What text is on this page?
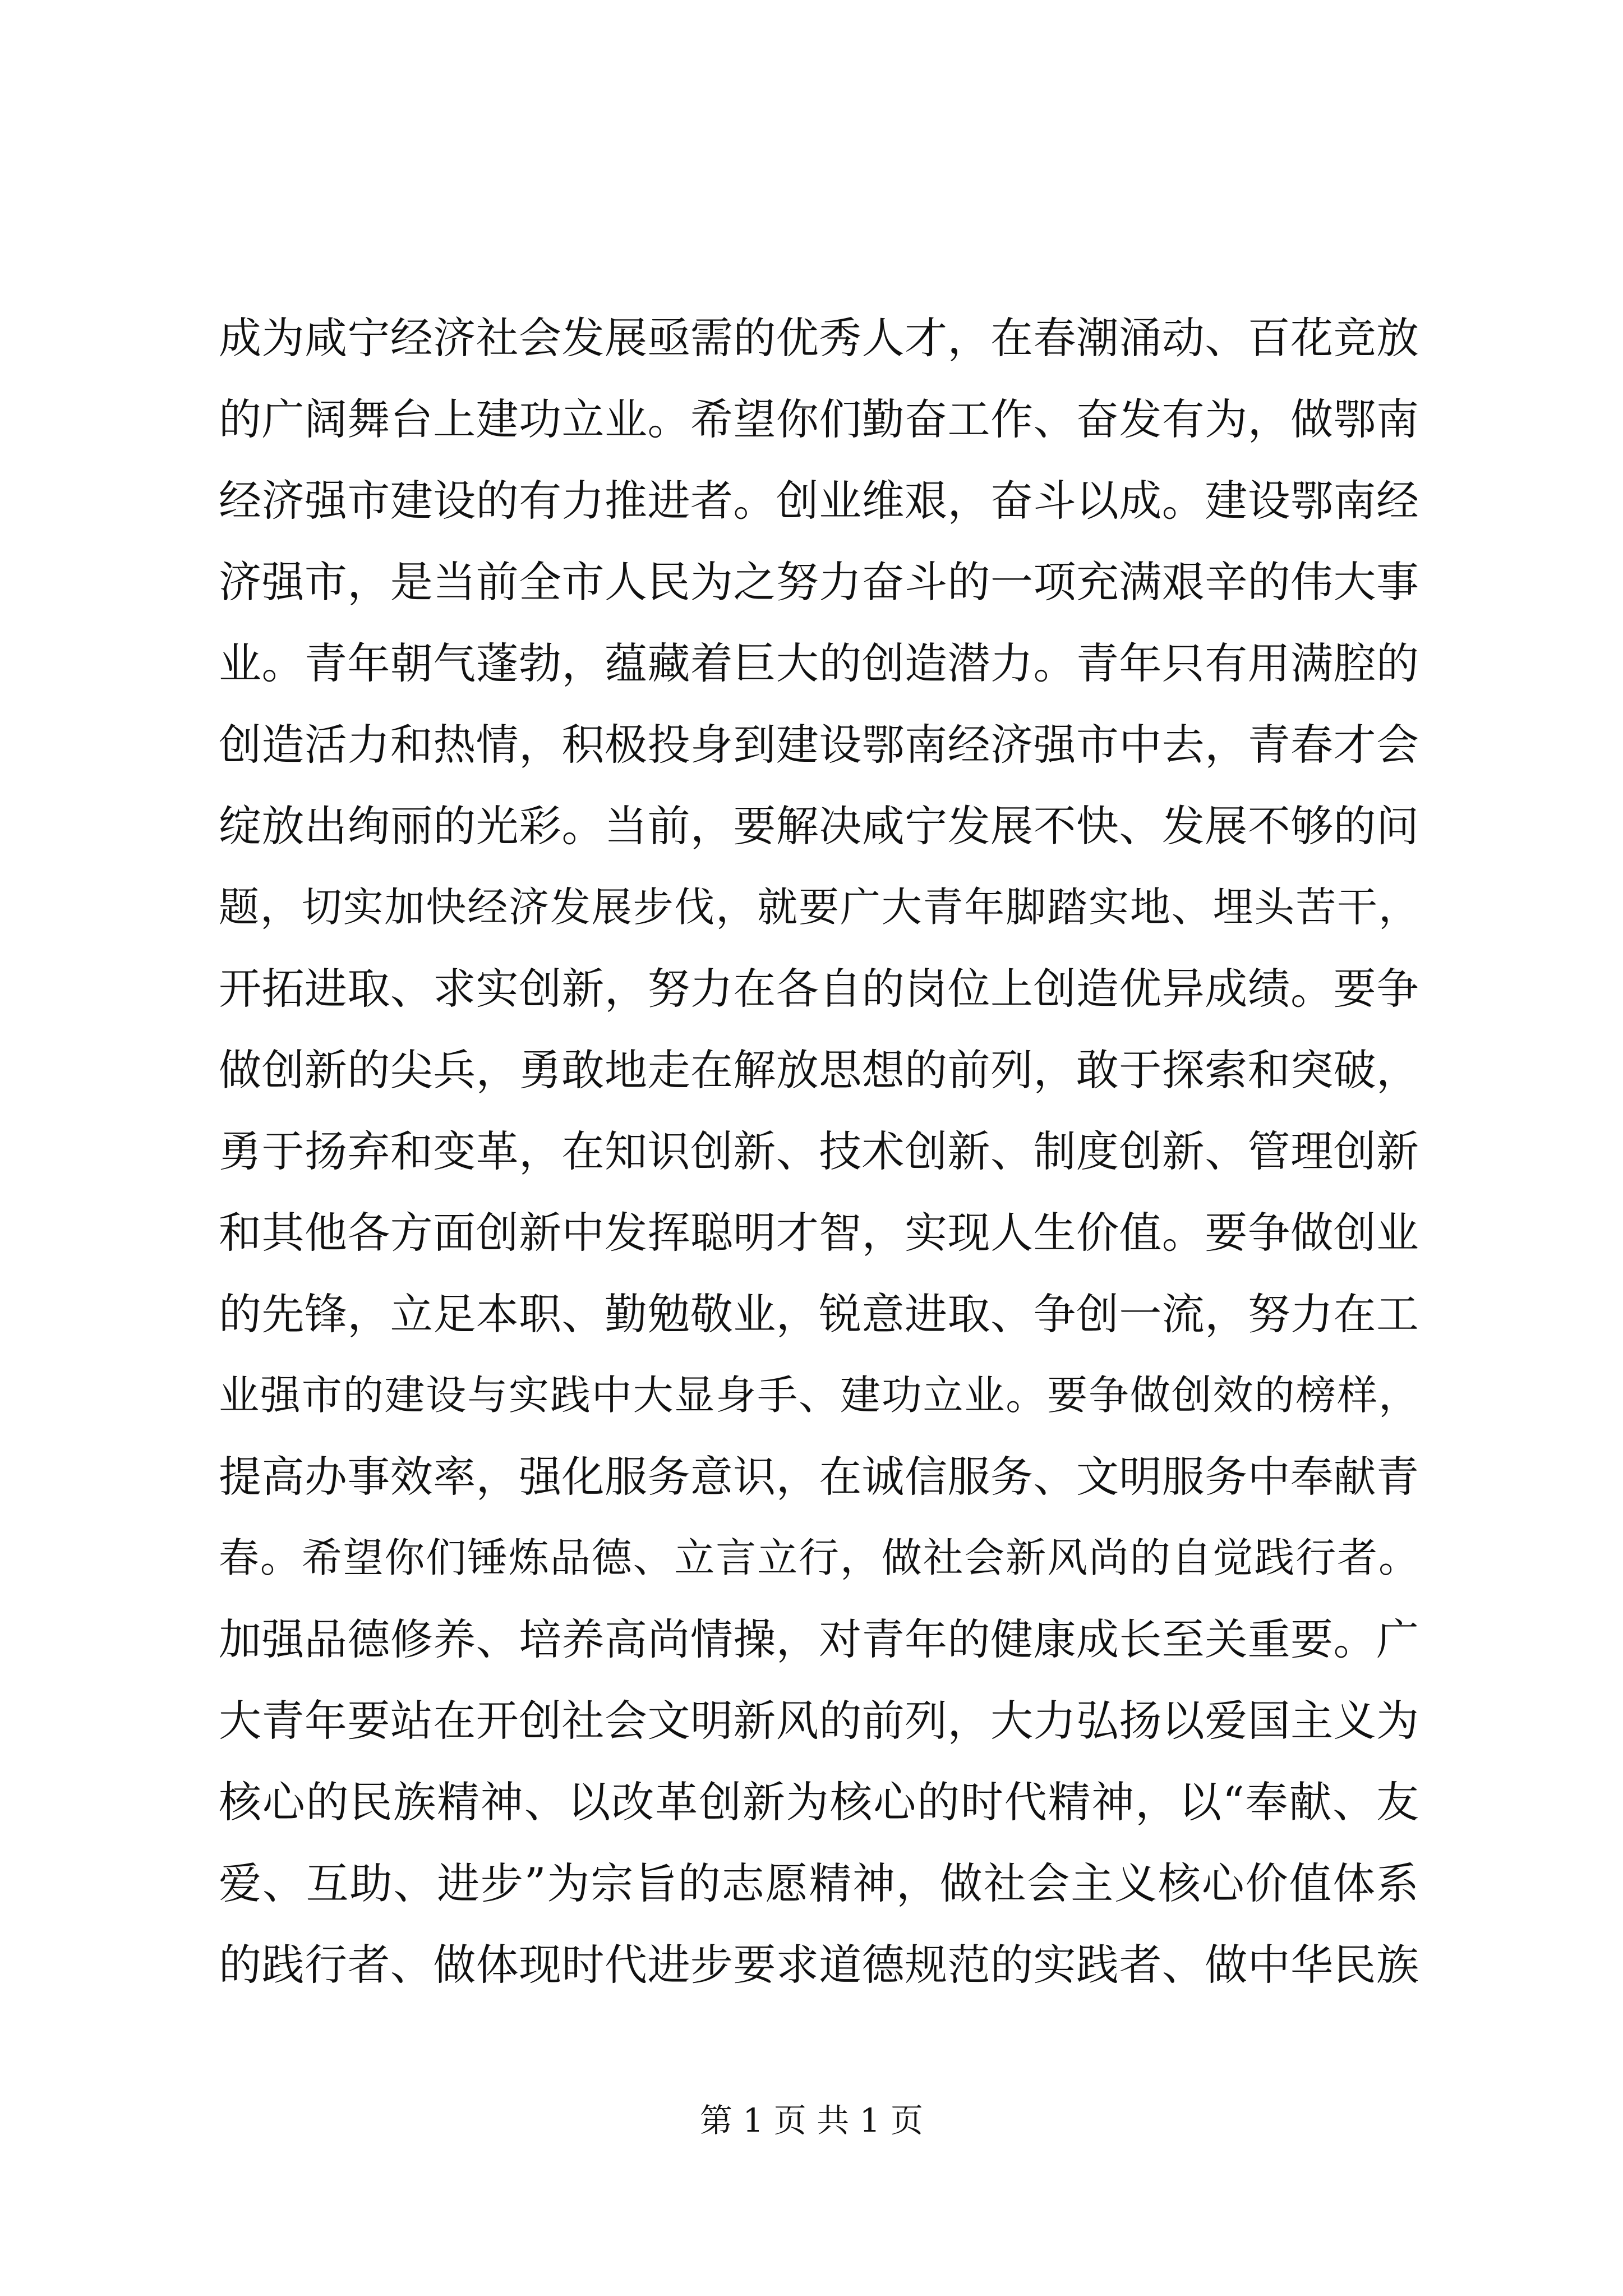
成为咸宁经济社会发展亟需的优秀人才，在春潮涌动、百花竞放
的广阔舞台上建功立业。希望你们勤奋工作、奋发有为，做鄂南
经济强市建设的有力推进者。创业维艰，奋斗以成。建设鄂南经
济强市，是当前全市人民为之努力奋斗的一项充满艰辛的伟大事
业。青年朝气蓬勃，蕴藏着巨大的创造潜力。青年只有用满腔的
创造活力和热情，积极投身到建设鄂南经济强市中去，青春才会
绽放出绚丽的光彩。当前，要解决咸宁发展不快、发展不够的问
题，切实加快经济发展步伐，就要广大青年脚踏实地、埋头苦干，
开拓进取、求实创新，努力在各自的岗位上创造优异成绩。要争
做创新的尖兵，勇敢地走在解放思想的前列，敢于探索和突破，
勇于扬弃和变革，在知识创新、技术创新、制度创新、管理创新
和其他各方面创新中发挥聪明才智，实现人生价值。要争做创业
的先锋，立足本职、勤勉敬业，锐意进取、争创一流，努力在工
业强市的建设与实践中大显身手、建功立业。要争做创效的榜样，
提高办事效率，强化服务意识，在诚信服务、文明服务中奉献青
春。希望你们锤炼品德、立言立行，做社会新风尚的自觉践行者。
加强品德修养、培养高尚情操，对青年的健康成长至关重要。广
大青年要站在开创社会文明新风的前列，大力弘扬以爱国主义为
核心的民族精神、以改革创新为核心的时代精神，以“奉献、友
爱、互助、进步”为宗旨的志愿精神，做社会主义核心价值体系
的践行者、做体现时代进步要求道德规范的实践者、做中华民族
第 1 页 共 1 页
